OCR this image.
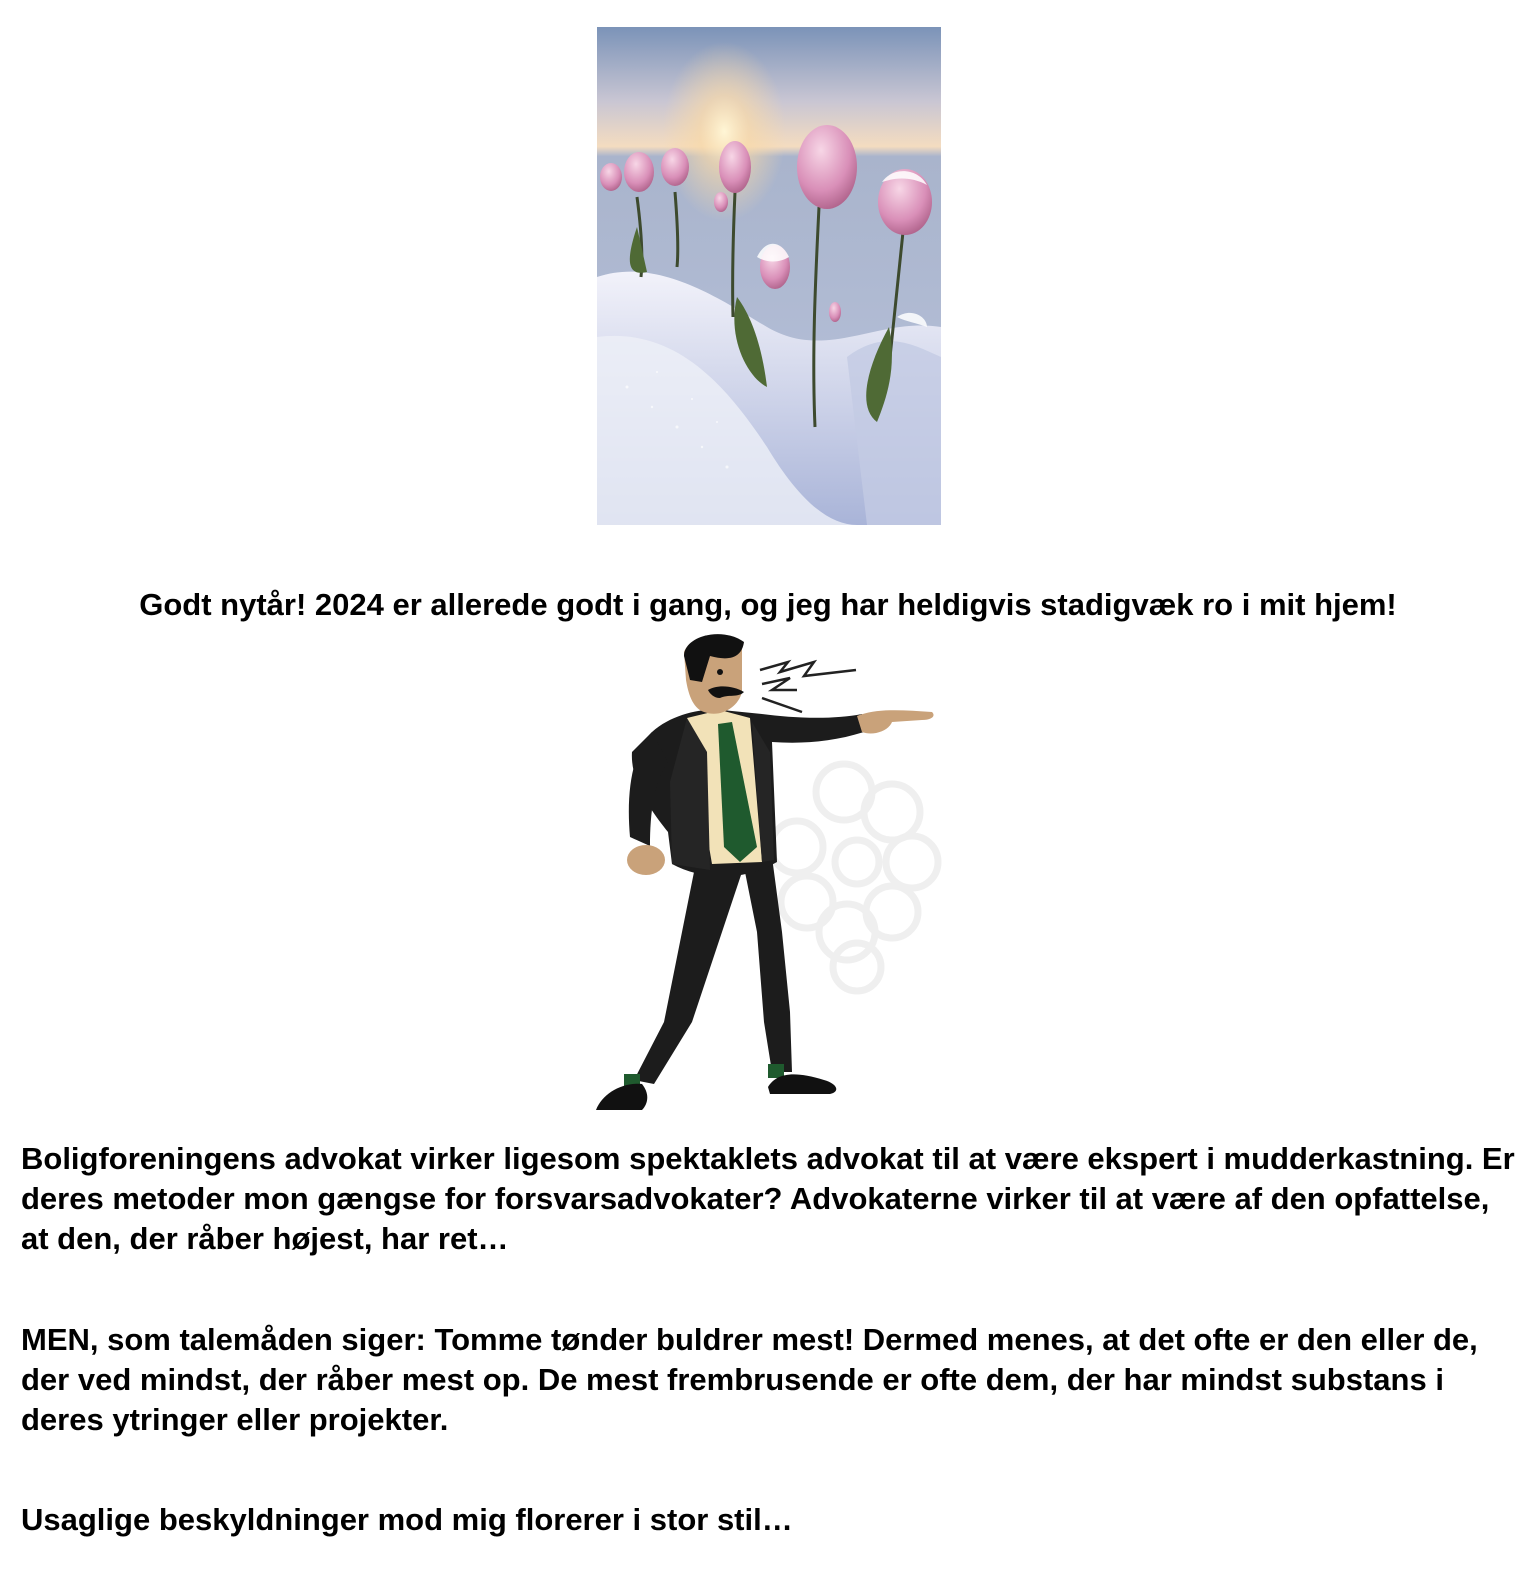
Godt nytår! 2024 er allerede godt i gang, og jeg har heldigvis stadigvæk ro i mit hjem!

Boligforeningens advokat virker ligesom spektaklets advokat til at være ekspert i mudderkastning. Er deres metoder mon gængse for forsvarsadvokater? Advokaterne virker til at være af den opfattelse, at den, der råber højest, har ret…

MEN, som talemåden siger: Tomme tønder buldrer mest! Dermed menes, at det ofte er den eller de, der ved mindst, der råber mest op. De mest frembrusende er ofte dem, der har mindst substans i deres ytringer eller projekter.

Usaglige beskyldninger mod mig florerer i stor stil…
